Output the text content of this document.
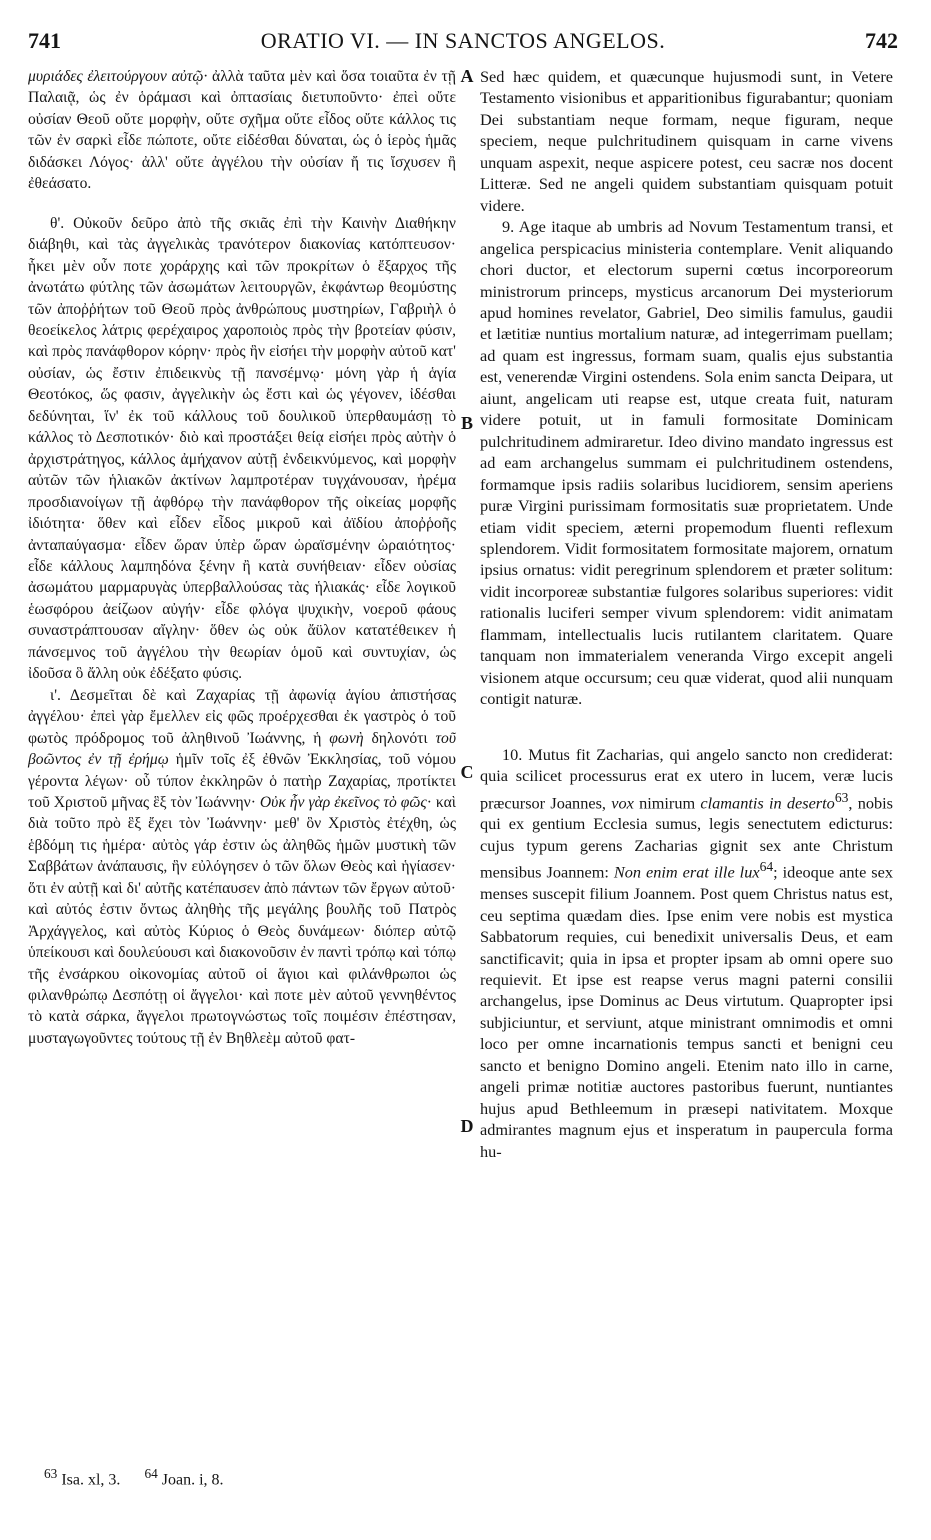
741	ORATIO VI. — IN SANCTOS ANGELOS.	742

μυριάδες ἐλειτούργουν αὐτῷ· ἀλλὰ ταῦτα μὲν καὶ ὅσα τοιαῦτα ἐν τῇ Παλαιᾷ, ὡς ἐν ὁράμασι καὶ ὀπτασίαις διετυποῦντο· ἐπεὶ οὔτε οὐσίαν Θεοῦ οὔτε μορφὴν, οὔτε σχῆμα οὔτε εἶδος οὔτε κάλλος τις τῶν ἐν σαρκὶ εἶδε πώποτε, οὔτε εἰδέσθαι δύναται, ὡς ὁ ἱερὸς ἡμᾶς διδάσκει Λόγος· ἀλλ' οὔτε ἀγγέλου τὴν οὐσίαν ἤ τις ἴσχυσεν ἢ ἐθεάσατο.

θ'. Οὐκοῦν δεῦρο ἀπὸ τῆς σκιᾶς ἐπὶ τὴν Καινὴν Διαθήκην διάβηθι, καὶ τὰς ἀγγελικὰς τρανότερον διακονίας κατόπτευσον· ἧκει μὲν οὖν ποτε χοράρχης καὶ τῶν προκρίτων ὁ ἔξαρχος τῆς ἀνωτάτω φύτλης τῶν ἀσωμάτων λειτουργῶν, ἐκφάντωρ θεομύστης τῶν ἀποῤῥήτων τοῦ Θεοῦ πρὸς ἀνθρώπους μυστηρίων, Γαβριὴλ ὁ θεοείκελος λάτρις φερέχαιρος χαροποιὸς πρὸς τὴν βροτείαν φύσιν, καὶ πρὸς πανάφθορον κόρην· πρὸς ἣν εἰσήει τὴν μορφὴν αὐτοῦ κατ' οὐσίαν, ὡς ἔστιν ἐπιδεικνὺς τῇ πανσέμνῳ· μόνη γὰρ ἡ ἁγία Θεοτόκος, ὥς φασιν, ἀγγελικὴν ὡς ἔστι καὶ ὡς γέγονεν, ἰδέσθαι δεδύνηται, ἵν' ἐκ τοῦ κάλλους τοῦ δουλικοῦ ὑπερθαυμάσῃ τὸ κάλλος τὸ Δεσποτικόν· διὸ καὶ προστάξει θείᾳ εἰσήει πρὸς αὐτὴν ὁ ἀρχιστράτηγος, κάλλος ἀμήχανον αὐτῇ ἐνδεικνύμενος, καὶ μορφὴν αὐτῶν τῶν ἡλιακῶν ἀκτίνων λαμπροτέραν τυγχάνουσαν, ἠρέμα προσδιανοίγων τῇ ἀφθόρῳ τὴν πανάφθορον τῆς οἰκείας μορφῆς ἰδιότητα· ὅθεν καὶ εἶδεν εἶδος μικροῦ καὶ ἀϊδίου ἀποῤῥοῆς ἀνταπαύγασμα· εἶδεν ὥραν ὑπὲρ ὥραν ὡραϊσμένην ὡραιότητος· εἶδε κάλλους λαμπηδόνα ξένην ἢ κατὰ συνήθειαν· εἶδεν οὐσίας ἀσωμάτου μαρμαρυγὰς ὑπερβαλλούσας τὰς ἡλιακάς· εἶδε λογικοῦ ἑωσφόρου ἀείζωον αὐγήν· εἶδε φλόγα ψυχικὴν, νοεροῦ φάους συναστράπτουσαν αἴγλην· ὅθεν ὡς οὐκ ἄϋλον κατατέθεικεν ἡ πάνσεμνος τοῦ ἀγγέλου τὴν θεωρίαν ὁμοῦ καὶ συντυχίαν, ὡς ἰδοῦσα ὃ ἄλλη οὐκ ἐδέξατο φύσις.

ι'. Δεσμεῖται δὲ καὶ Ζαχαρίας τῇ ἀφωνίᾳ ἁγίου ἀπιστήσας ἀγγέλου· ἐπεὶ γὰρ ἔμελλεν εἰς φῶς προέρχεσθαι ἐκ γαστρὸς ὁ τοῦ φωτὸς πρόδρομος τοῦ ἀληθινοῦ Ἰωάννης, ἡ φωνὴ δηλονότι τοῦ βοῶντος ἐν τῇ ἐρήμῳ ἡμῖν τοῖς ἐξ ἐθνῶν Ἐκκλησίας, τοῦ νόμου γέροντα λέγων· οὗ τύπον ἐκκληρῶν ὁ πατὴρ Ζαχαρίας, προτίκτει τοῦ Χριστοῦ μῆνας ἓξ τὸν Ἰωάννην· Οὐκ ἦν γὰρ ἐκεῖνος τὸ φῶς· καὶ διὰ τοῦτο πρὸ ἓξ ἔχει τὸν Ἰωάννην· μεθ' ὃν Χριστὸς ἐτέχθη, ὡς ἑβδόμη τις ἡμέρα· αὐτὸς γάρ ἐστιν ὡς ἀληθῶς ἡμῶν μυστικὴ τῶν Σαββάτων ἀνάπαυσις, ἣν εὐλόγησεν ὁ τῶν ὅλων Θεὸς καὶ ἡγίασεν· ὅτι ἐν αὐτῇ καὶ δι' αὐτῆς κατέπαυσεν ἀπὸ πάντων τῶν ἔργων αὐτοῦ· καὶ αὐτός ἐστιν ὄντως ἀληθὴς τῆς μεγάλης βουλῆς τοῦ Πατρὸς Ἀρχάγγελος, καὶ αὐτὸς Κύριος ὁ Θεὸς δυνάμεων· διόπερ αὐτῷ ὑπείκουσι καὶ δουλεύουσι καὶ διακονοῦσιν ἐν παντὶ τρόπῳ καὶ τόπῳ τῆς ἐνσάρκου οἰκονομίας αὐτοῦ οἱ ἅγιοι καὶ φιλάνθρωποι ὡς φιλανθρώπῳ Δεσπότῃ οἱ ἄγγελοι· καὶ ποτε μὲν αὐτοῦ γεννηθέντος τὸ κατὰ σάρκα, ἄγγελοι πρωτογνώστως τοῖς ποιμέσιν ἐπέστησαν, μυσταγωγοῦντες τούτους τῇ ἐν Βηθλεὲμ αὐτοῦ φατ-

Sed hæc quidem, et quæcunque hujusmodi sunt, in Vetere Testamento visionibus et apparitionibus figurabantur; quoniam Dei substantiam neque formam, neque figuram, neque speciem, neque pulchritudinem quisquam in carne vivens unquam aspexit, neque aspicere potest, ceu sacræ nos docent Litteræ. Sed ne angeli quidem substantiam quisquam potuit videre.

9. Age itaque ab umbris ad Novum Testamentum transi, et angelica perspicacius ministeria contemplare. Venit aliquando chori ductor, et electorum superni cœtus incorporeorum ministrorum princeps, mysticus arcanorum Dei mysteriorum apud homines revelator, Gabriel, Deo similis famulus, gaudii et lætitiæ nuntius mortalium naturæ, ad integerrimam puellam; ad quam est ingressus, formam suam, qualis ejus substantia est, venerendæ Virgini ostendens. Sola enim sancta Deipara, ut aiunt, angelicam uti reapse est, utque creata fuit, naturam videre potuit, ut in famuli formositate Dominicam pulchritudinem admiraretur. Ideo divino mandato ingressus est ad eam archangelus summam ei pulchritudinem ostendens, formamque ipsis radiis solaribus lucidiorem, sensim aperiens puræ Virgini purissimam formositatis suæ proprietatem. Unde etiam vidit speciem, æterni propemodum fluenti reflexum splendorem. Vidit formositatem formositate majorem, ornatum ipsius ornatus: vidit peregrinum splendorem et præter solitum: vidit incorporeæ substantiæ fulgores solaribus superiores: vidit rationalis luciferi semper vivum splendorem: vidit animatam flammam, intellectualis lucis rutilantem claritatem. Quare tanquam non immaterialem veneranda Virgo excepit angeli visionem atque occursum; ceu quæ viderat, quod alii nunquam contigit naturæ.

10. Mutus fit Zacharias, qui angelo sancto non crediderat: quia scilicet processurus erat ex utero in lucem, veræ lucis præcursor Joannes, vox nimirum clamantis in deserto$^{63}$, nobis qui ex gentium Ecclesia sumus, legis senectutem edicturus: cujus typum gerens Zacharias gignit sex ante Christum mensibus Joannem: Non enim erat ille lux$^{64}$; ideoque ante sex menses suscepit filium Joannem. Post quem Christus natus est, ceu septima quædam dies. Ipse enim vere nobis est mystica Sabbatorum requies, cui benedixit universalis Deus, et eam sanctificavit; quia in ipsa et propter ipsam ab omni opere suo requievit. Et ipse est reapse verus magni paterni consilii archangelus, ipse Dominus ac Deus virtutum. Quapropter ipsi subjiciuntur, et serviunt, atque ministrant omnimodis et omni loco per omne incarnationis tempus sancti et benigni ceu sancto et benigno Domino angeli. Etenim nato illo in carne, angeli primæ notitiæ auctores pastoribus fuerunt, nuntiantes hujus apud Bethleemum in præsepi nativitatem. Moxque admirantes magnum ejus et insperatum in paupercula forma hu-

A
B
C
D
$^{63}$ Isa. xl, 3. $^{64}$ Joan. i, 8.
